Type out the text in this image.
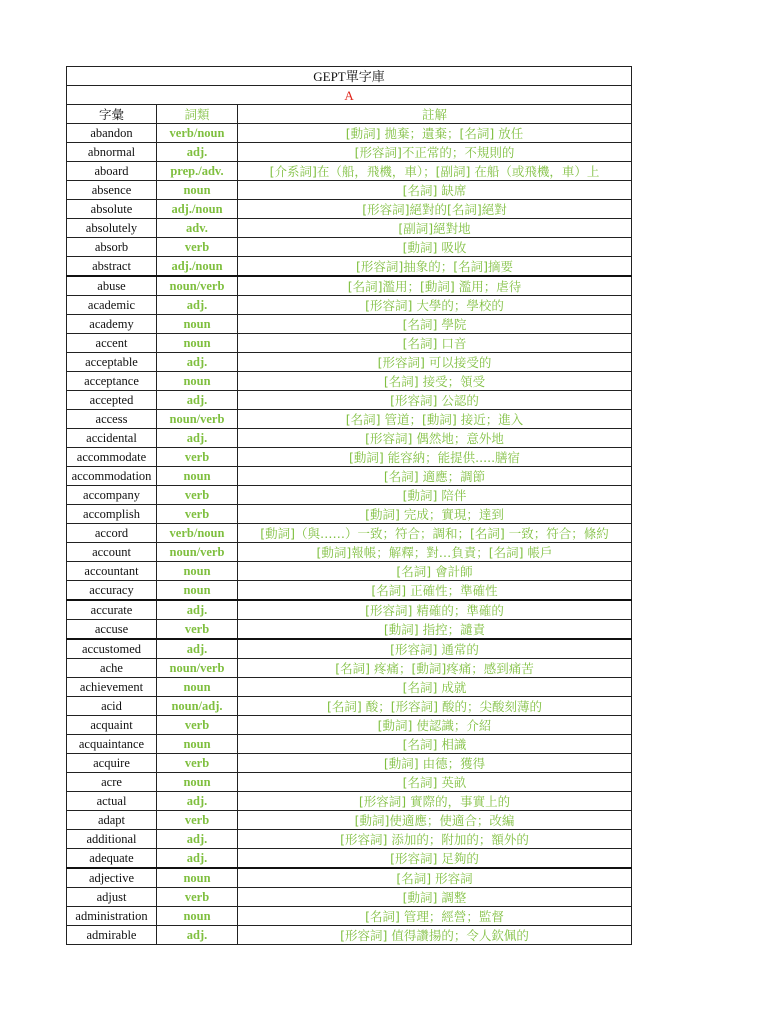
GEPT單字庫		
A		
字彙	詞類	註解
abandon	verb/noun	[動詞] 拋棄；遺棄；[名詞] 放任
abnormal	adj.	[形容詞]不正常的；不規則的
aboard	prep./adv.	[介系詞]在（船，飛機，車）；[副詞] 在船（或飛機，車）上
absence	noun	[名詞] 缺席
absolute	adj./noun	[形容詞]絕對的[名詞]絕對
absolutely	adv.	[副詞]絕對地
absorb	verb	[動詞] 吸收
abstract	adj./noun	[形容詞]抽象的；[名詞]摘要
abuse	noun/verb	[名詞]濫用；[動詞] 濫用；虐待
academic	adj.	[形容詞] 大學的；學校的
academy	noun	[名詞] 學院
accent	noun	[名詞] 口音
acceptable	adj.	[形容詞] 可以接受的
acceptance	noun	[名詞] 接受；領受
accepted	adj.	[形容詞] 公認的
access	noun/verb	[名詞] 管道；[動詞] 接近；進入
accidental	adj.	[形容詞] 偶然地；意外地
accommodate	verb	[動詞] 能容納；能提供.....膳宿
accommodation	noun	[名詞] 適應；調節
accompany	verb	[動詞] 陪伴
accomplish	verb	[動詞] 完成；實現；達到
accord	verb/noun	[動詞]（與……）一致；符合；調和；[名詞] 一致；符合；條約
account	noun/verb	[動詞]報帳；解釋；對…負責；[名詞] 帳戶
accountant	noun	[名詞] 會計師
accuracy	noun	[名詞] 正確性；準確性
accurate	adj.	[形容詞] 精確的；準確的
accuse	verb	[動詞] 指控；譴責
accustomed	adj.	[形容詞] 通常的
ache	noun/verb	[名詞] 疼痛；[動詞]疼痛；感到痛苦
achievement	noun	[名詞] 成就
acid	noun/adj.	[名詞] 酸；[形容詞] 酸的；尖酸刻薄的
acquaint	verb	[動詞] 使認識；介紹
acquaintance	noun	[名詞] 相識
acquire	verb	[動詞] 由德；獲得
acre	noun	[名詞] 英畝
actual	adj.	[形容詞] 實際的，事實上的
adapt	verb	[動詞]使適應；使適合；改編
additional	adj.	[形容詞] 添加的；附加的；額外的
adequate	adj.	[形容詞] 足夠的
adjective	noun	[名詞] 形容詞
adjust	verb	[動詞] 調整
administration	noun	[名詞] 管理；經營；監督
admirable	adj.	[形容詞] 值得讚揚的；令人欽佩的
